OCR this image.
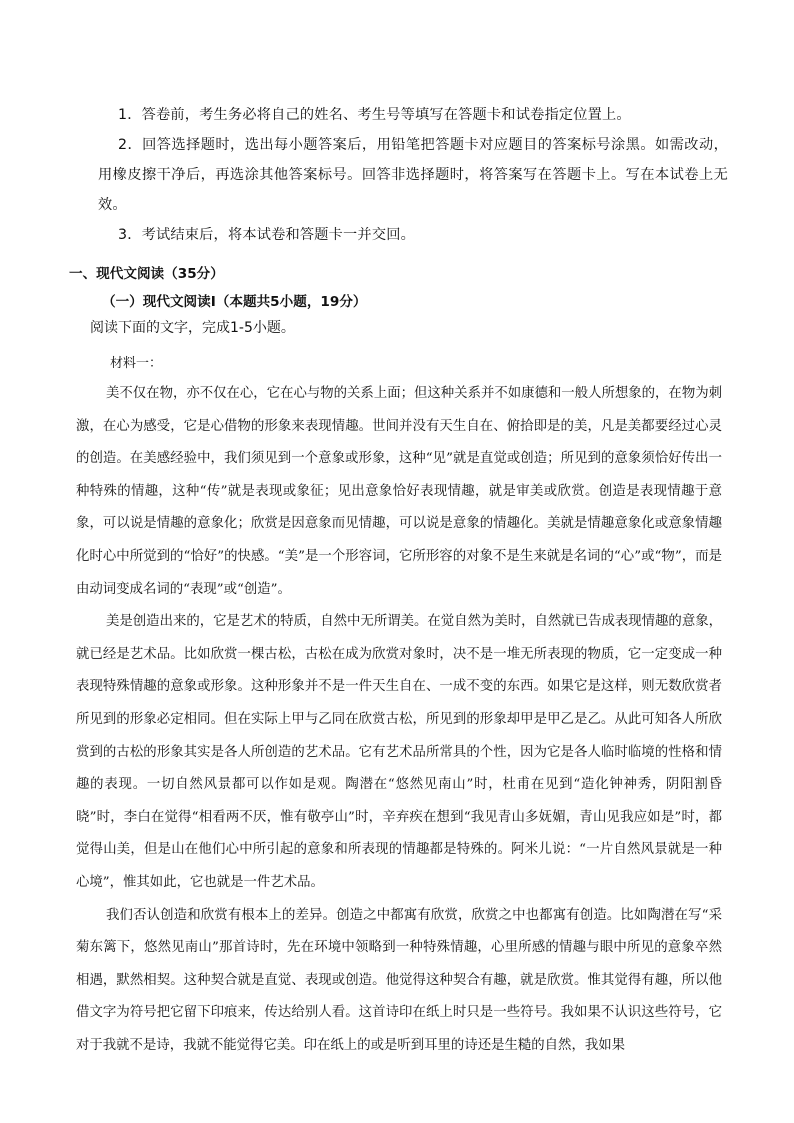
1．答卷前，考生务必将自己的姓名、考生号等填写在答题卡和试卷指定位置上。

2．回答选择题时，选出每小题答案后，用铅笔把答题卡对应题目的答案标号涂黑。如需改动，用橡皮擦干净后，再选涂其他答案标号。回答非选择题时，将答案写在答题卡上。写在本试卷上无效。

3．考试结束后，将本试卷和答题卡一并交回。

一、现代文阅读（35分）
（一）现代文阅读Ⅰ（本题共5小题，19分）
阅读下面的文字，完成1-5小题。
材料一：

美不仅在物，亦不仅在心，它在心与物的关系上面；但这种关系并不如康德和一般人所想象的，在物为刺激，在心为感受，它是心借物的形象来表现情趣。世间并没有天生自在、俯拾即是的美，凡是美都要经过心灵的创造。在美感经验中，我们须见到一个意象或形象，这种“见”就是直觉或创造；所见到的意象须恰好传出一种特殊的情趣，这种“传”就是表现或象征；见出意象恰好表现情趣，就是审美或欣赏。创造是表现情趣于意象，可以说是情趣的意象化；欣赏是因意象而见情趣，可以说是意象的情趣化。美就是情趣意象化或意象情趣化时心中所觉到的“恰好”的快感。“美”是一个形容词，它所形容的对象不是生来就是名词的“心”或“物”，而是由动词变成名词的“表现”或“创造”。

美是创造出来的，它是艺术的特质，自然中无所谓美。在觉自然为美时，自然就已告成表现情趣的意象，就已经是艺术品。比如欣赏一棵古松，古松在成为欣赏对象时，决不是一堆无所表现的物质，它一定变成一种表现特殊情趣的意象或形象。这种形象并不是一件天生自在、一成不变的东西。如果它是这样，则无数欣赏者所见到的形象必定相同。但在实际上甲与乙同在欣赏古松，所见到的形象却甲是甲乙是乙。从此可知各人所欣赏到的古松的形象其实是各人所创造的艺术品。它有艺术品所常具的个性，因为它是各人临时临境的性格和情趣的表现。一切自然风景都可以作如是观。陶潜在“悠然见南山”时，杜甫在见到“造化钟神秀，阴阳割昏晓”时，李白在觉得“相看两不厌，惟有敬亭山”时，辛弃疾在想到“我见青山多妩媚，青山见我应如是”时，都觉得山美，但是山在他们心中所引起的意象和所表现的情趣都是特殊的。阿米儿说：“一片自然风景就是一种心境”，惟其如此，它也就是一件艺术品。

我们否认创造和欣赏有根本上的差异。创造之中都寓有欣赏，欣赏之中也都寓有创造。比如陶潜在写“采菊东篱下，悠然见南山”那首诗时，先在环境中领略到一种特殊情趣，心里所感的情趣与眼中所见的意象卒然相遇，默然相契。这种契合就是直觉、表现或创造。他觉得这种契合有趣，就是欣赏。惟其觉得有趣，所以他借文字为符号把它留下印痕来，传达给别人看。这首诗印在纸上时只是一些符号。我如果不认识这些符号，它对于我就不是诗，我就不能觉得它美。印在纸上的或是听到耳里的诗还是生糙的自然，我如果
